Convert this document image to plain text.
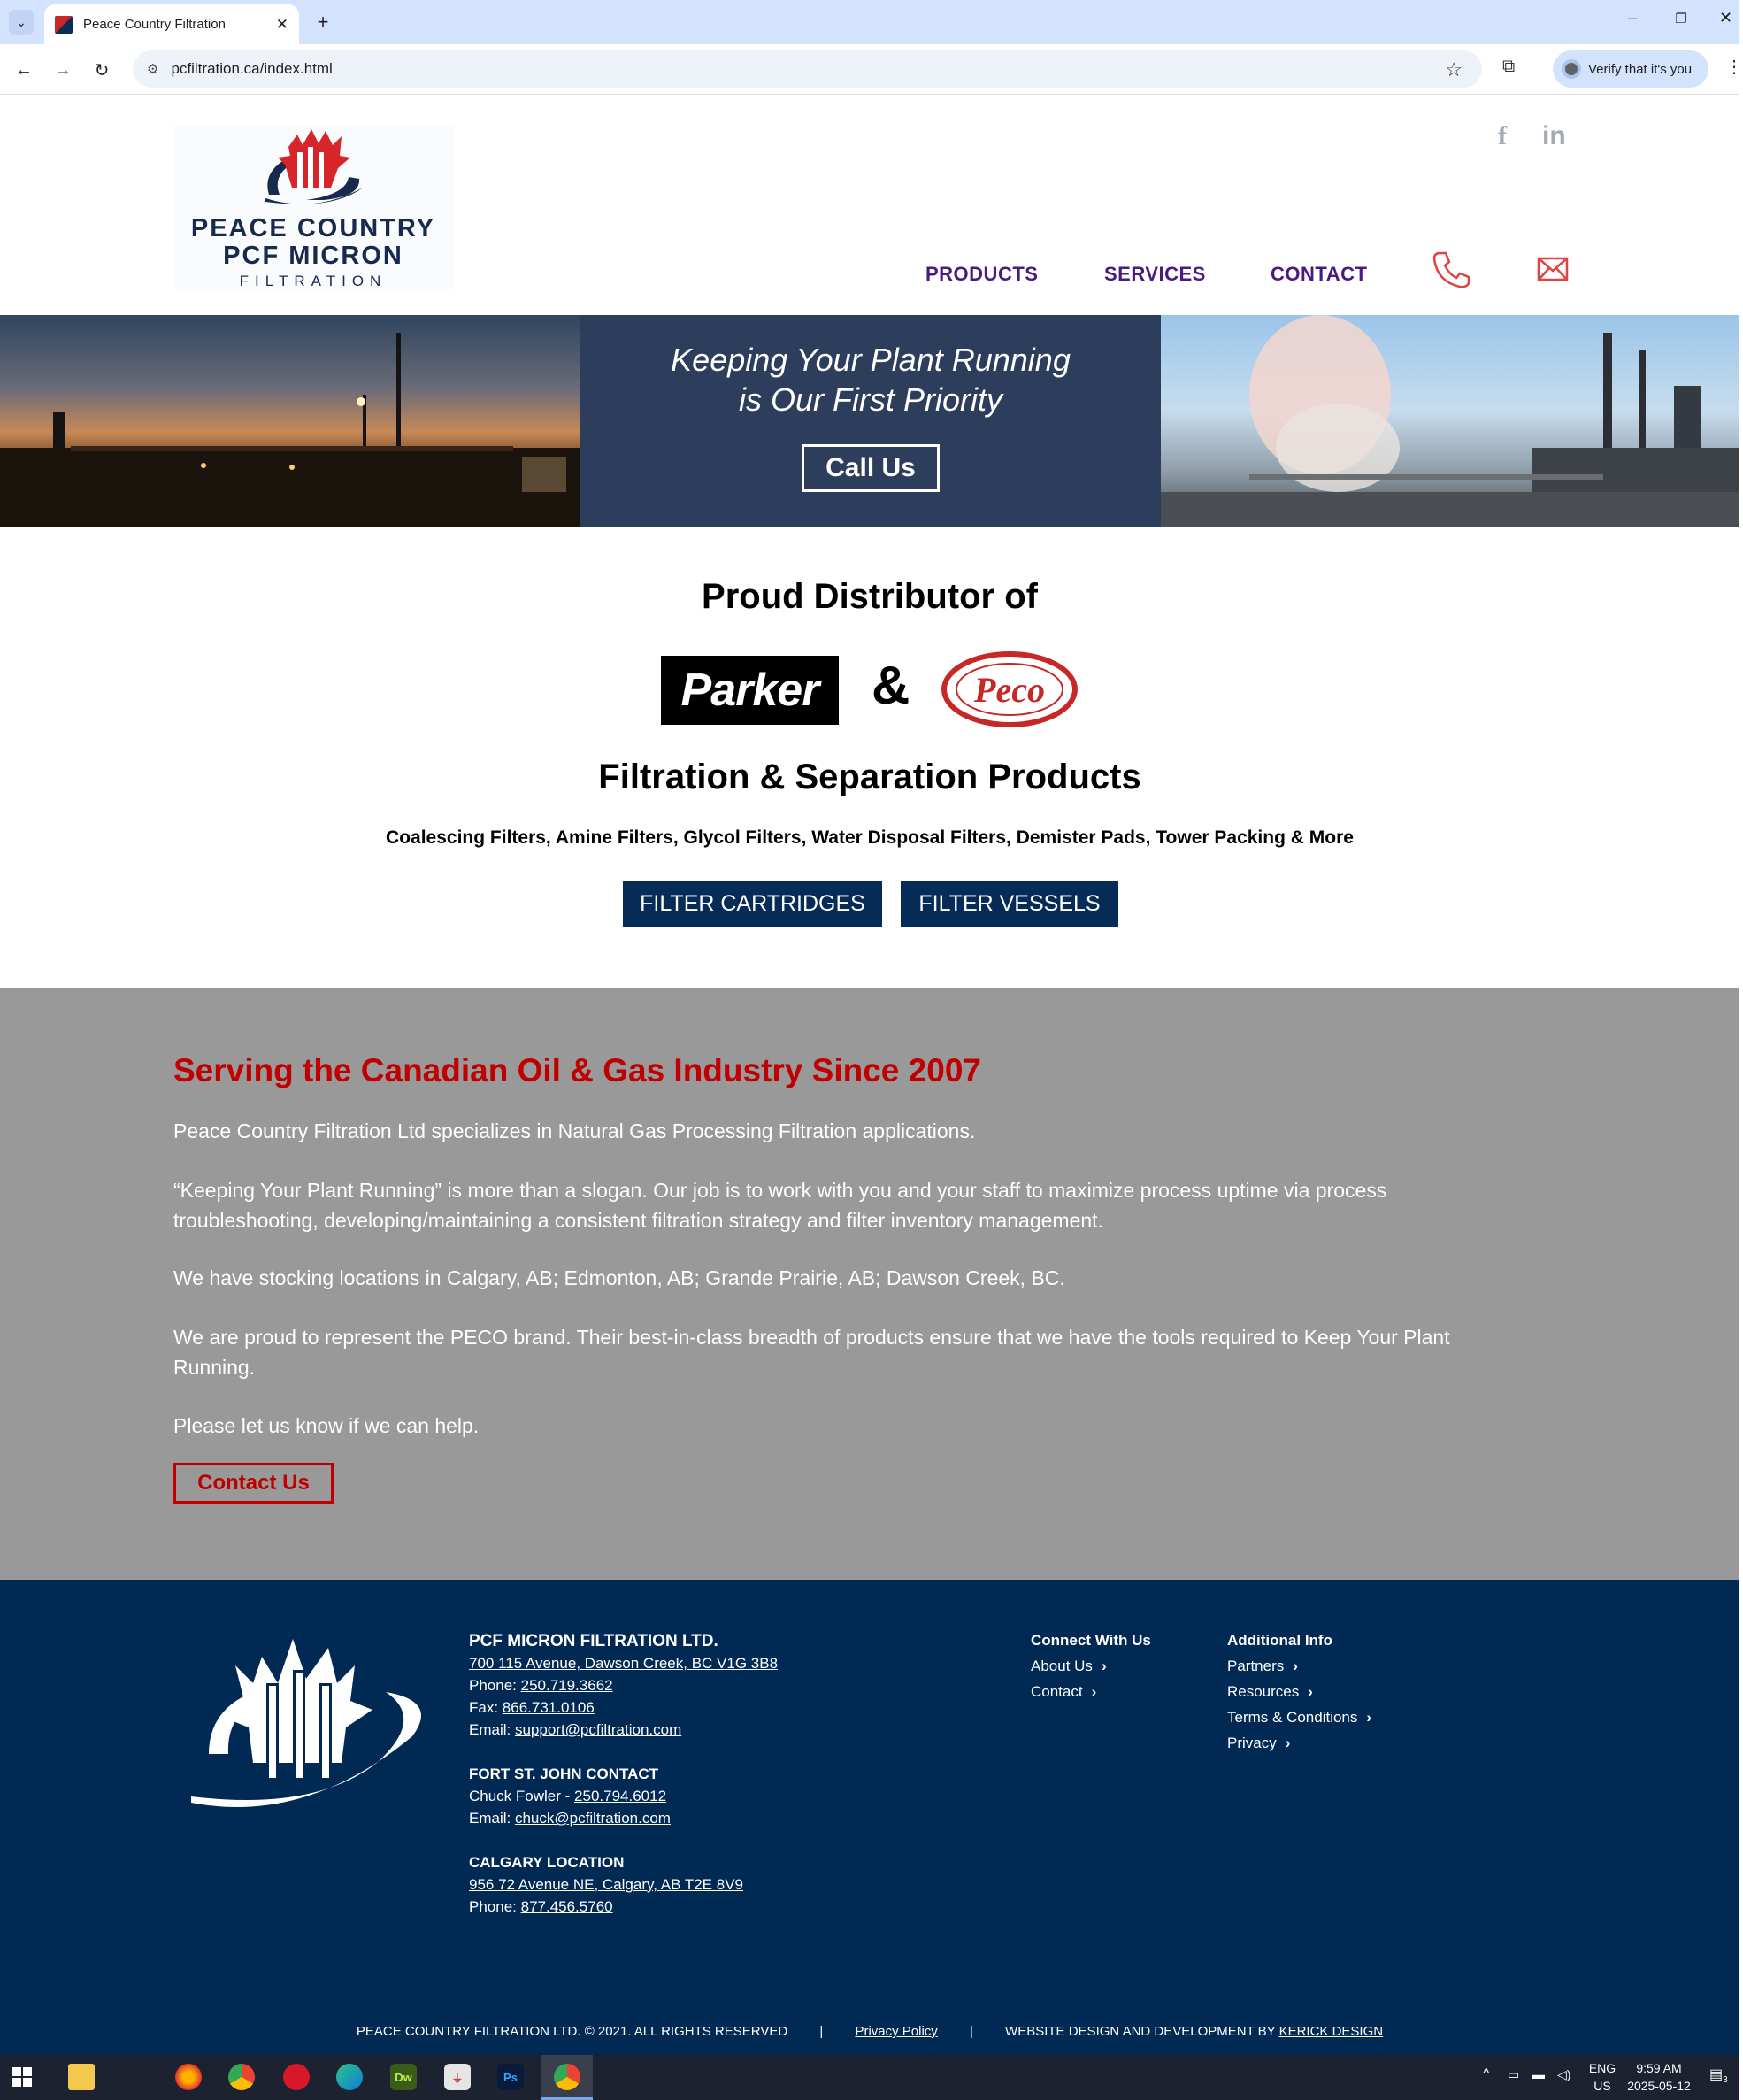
⌄	Peace Country Filtration	✕	+	–	❐	✕
← →	↻	⚙ pcfiltration.ca/index.html	☆ ⧉	Verify that it's you ⋮
PEACE COUNTRY
PCF MICRON
FILTRATION
f in
PRODUCTS	SERVICES	CONTACT
Keeping Your Plant Running
is Our First Priority
Call Us
Proud Distributor of
Parker & Peco
Filtration & Separation Products
Coalescing Filters, Amine Filters, Glycol Filters, Water Disposal Filters, Demister Pads, Tower Packing & More
FILTER CARTRIDGES	FILTER VESSELS
Serving the Canadian Oil & Gas Industry Since 2007
Peace Country Filtration Ltd specializes in Natural Gas Processing Filtration applications.
“Keeping Your Plant Running” is more than a slogan. Our job is to work with you and your staff to maximize process uptime via process troubleshooting, developing/maintaining a consistent filtration strategy and filter inventory management.
We have stocking locations in Calgary, AB; Edmonton, AB; Grande Prairie, AB; Dawson Creek, BC.
We are proud to represent the PECO brand. Their best-in-class breadth of products ensure that we have the tools required to Keep Your Plant Running.
Please let us know if we can help.
Contact Us
PCF MICRON FILTRATION LTD.
700 115 Avenue, Dawson Creek, BC V1G 3B8
Phone: 250.719.3662
Fax: 866.731.0106
Email: support@pcfiltration.com
FORT ST. JOHN CONTACT
Chuck Fowler - 250.794.6012
Email: chuck@pcfiltration.com
CALGARY LOCATION
956 72 Avenue NE, Calgary, AB T2E 8V9
Phone: 877.456.5760
Connect With Us
About Us ›
Contact ›
Additional Info
Partners ›
Resources ›
Terms & Conditions ›
Privacy ›
PEACE COUNTRY FILTRATION LTD. © 2021. ALL RIGHTS RESERVED | Privacy Policy | WEBSITE DESIGN AND DEVELOPMENT BY KERICK DESIGN
Dw	⏚	Ps	^ ▭ ▬ ◁) ENG
US
9:59 AM
2025-05-12
$▤_3$
